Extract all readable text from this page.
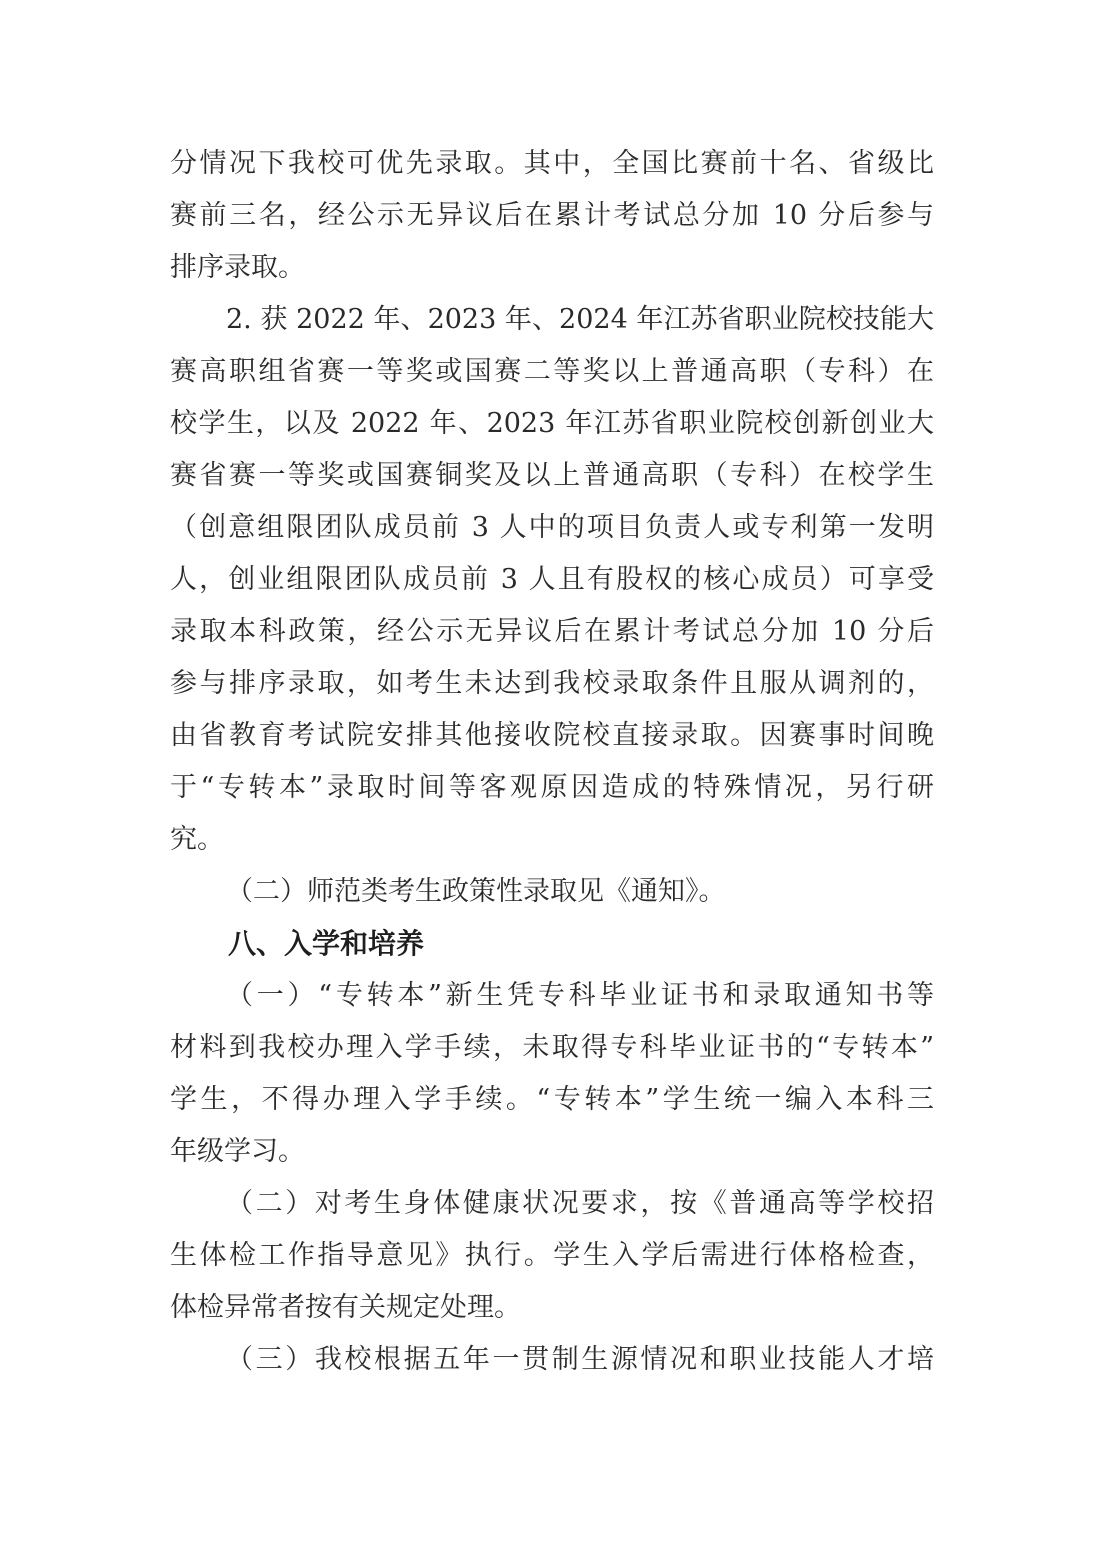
分情况下我校可优先录取。其中，全国比赛前十名、省级比
赛前三名，经公示无异议后在累计考试总分加 10 分后参与
排序录取。
2. 获 2022 年、2023 年、2024 年江苏省职业院校技能大
赛高职组省赛一等奖或国赛二等奖以上普通高职（专科）在
校学生，以及 2022 年、2023 年江苏省职业院校创新创业大
赛省赛一等奖或国赛铜奖及以上普通高职（专科）在校学生
（创意组限团队成员前 3 人中的项目负责人或专利第一发明
人，创业组限团队成员前 3 人且有股权的核心成员）可享受
录取本科政策，经公示无异议后在累计考试总分加 10 分后
参与排序录取，如考生未达到我校录取条件且服从调剂的，
由省教育考试院安排其他接收院校直接录取。因赛事时间晚
于“专转本”录取时间等客观原因造成的特殊情况，另行研
究。
（二）师范类考生政策性录取见《通知》。
八、入学和培养
（一）“专转本”新生凭专科毕业证书和录取通知书等
材料到我校办理入学手续，未取得专科毕业证书的“专转本”
学生，不得办理入学手续。“专转本”学生统一编入本科三
年级学习。
（二）对考生身体健康状况要求，按《普通高等学校招
生体检工作指导意见》执行。学生入学后需进行体格检查，
体检异常者按有关规定处理。
（三）我校根据五年一贯制生源情况和职业技能人才培
